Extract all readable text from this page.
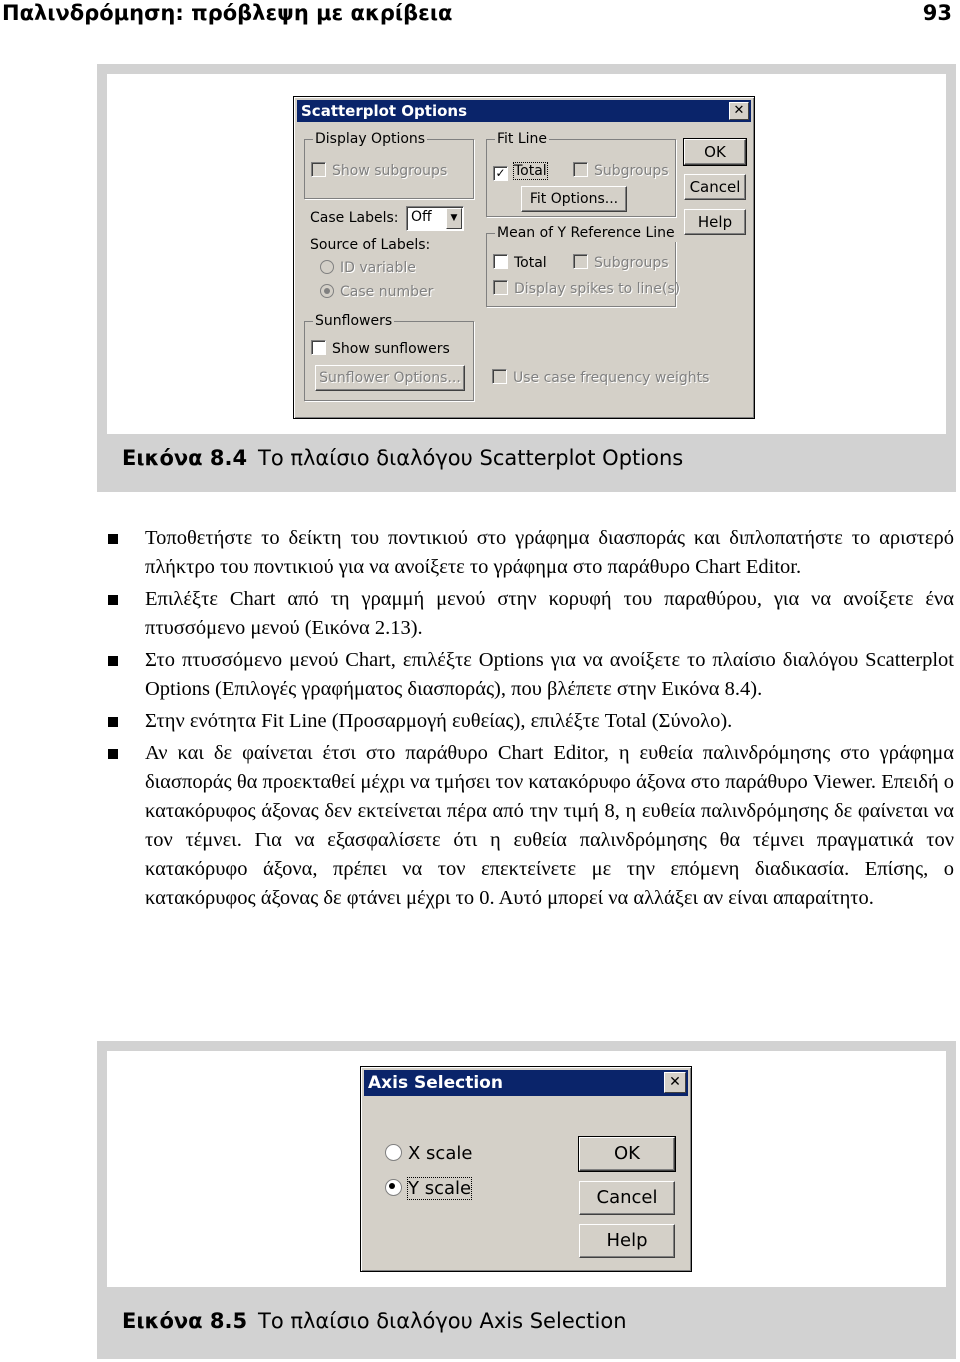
Παλινδρόμηση: πρόβλεψη με ακρίβεια	93
Scatterplot Options	✕
Display Options
Show subgroups
Case Labels: Off	▼
Source of Labels:
ID variable
Case number
Sunflowers
Show sunflowers
Sunflower Options...
Fit Line
✓ Total	Subgroups
Fit Options...
Mean of Y Reference Line
Total	Subgroups
Display spikes to line(s)
Use case frequency weights
OK
Cancel
Help
Εικόνα 8.4 Το πλαίσιο διαλόγου Scatterplot Options
Τοποθετήστε το δείκτη του ποντικιού στο γράφημα διασποράς και διπλοπατήστε το αριστερό πλήκτρο του ποντικιού για να ανοίξετε το γράφημα στο παράθυρο Chart Editor.
Επιλέξτε Chart από τη γραμμή μενού στην κορυφή του παραθύρου, για να ανοίξετε ένα πτυσσόμενο μενού (Εικόνα 2.13).
Στο πτυσσόμενο μενού Chart, επιλέξτε Options για να ανοίξετε το πλαίσιο διαλόγου Scatterplot Options (Επιλογές γραφήματος διασποράς), που βλέπετε στην Εικόνα 8.4).
Στην ενότητα Fit Line (Προσαρμογή ευθείας), επιλέξτε Total (Σύνολο).
Αν και δε φαίνεται έτσι στο παράθυρο Chart Editor, η ευθεία παλινδρόμησης στο γράφημα διασποράς θα προεκταθεί μέχρι να τμήσει τον κατακόρυφο άξονα στο παράθυρο Viewer. Επειδή ο κατακόρυφος άξονας δεν εκτείνεται πέρα από την τιμή 8, η ευθεία παλινδρόμησης δε φαίνεται να τον τέμνει. Για να εξασφαλίσετε ότι η ευθεία παλινδρόμησης θα τέμνει πραγματικά τον κατακόρυφο άξονα, πρέπει να τον επεκτείνετε με την επόμενη διαδικασία. Επίσης, ο κατακόρυφος άξονας δε φτάνει μέχρι το 0. Αυτό μπορεί να αλλάξει αν είναι απαραίτητο.
Axis Selection	✕
X scale
Y scale
OK
Cancel
Help
Εικόνα 8.5 Το πλαίσιο διαλόγου Axis Selection
